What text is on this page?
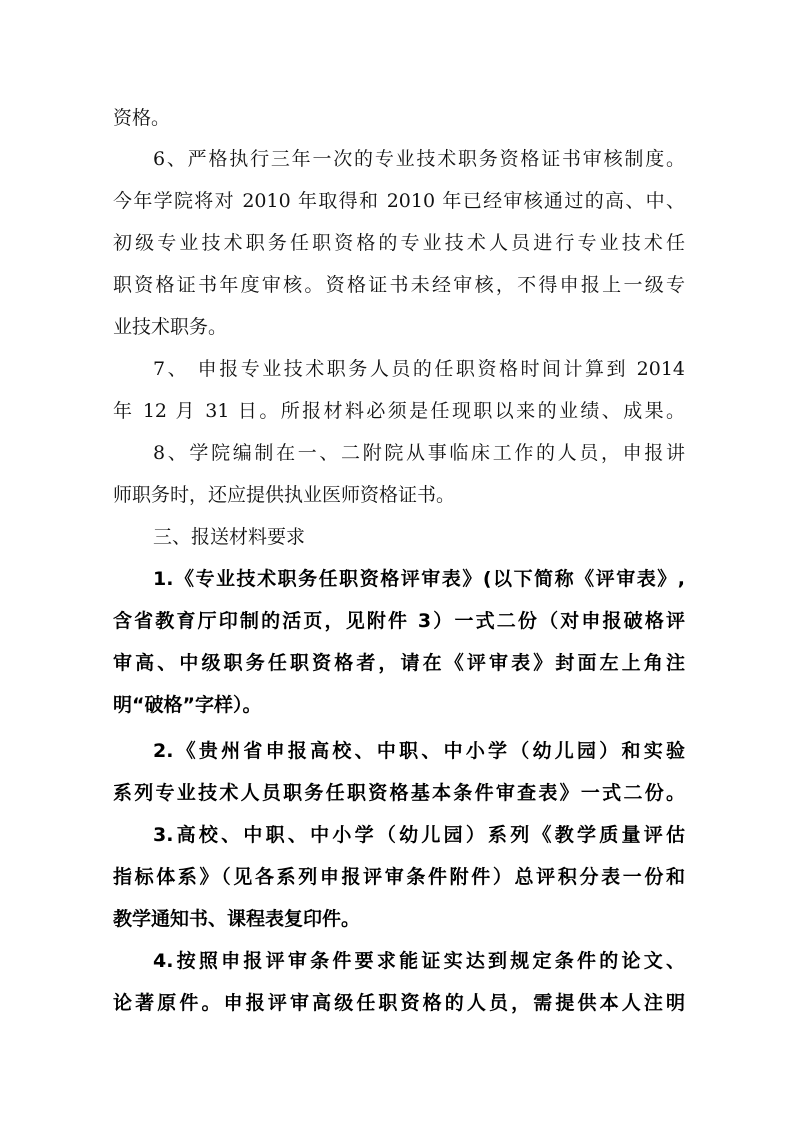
资格。
6、严格执行三年一次的专业技术职务资格证书审核制度。
今年学院将对 2010 年取得和 2010 年已经审核通过的高、中、
初级专业技术职务任职资格的专业技术人员进行专业技术任
职资格证书年度审核。资格证书未经审核，不得申报上一级专
业技术职务。
7、 申报专业技术职务人员的任职资格时间计算到 2014
年 12 月 31 日。所报材料必须是任现职以来的业绩、成果。
8、学院编制在一、二附院从事临床工作的人员，申报讲
师职务时，还应提供执业医师资格证书。
三、报送材料要求
1.《专业技术职务任职资格评审表》(以下简称《评审表》,
含省教育厅印制的活页，见附件 3）一式二份（对申报破格评
审高、中级职务任职资格者，请在《评审表》封面左上角注
明“破格”字样）。
2.《贵州省申报高校、中职、中小学（幼儿园）和实验
系列专业技术人员职务任职资格基本条件审查表》一式二份。
3.高校、中职、中小学（幼儿园）系列《教学质量评估
指标体系》（见各系列申报评审条件附件）总评积分表一份和
教学通知书、课程表复印件。
4.按照申报评审条件要求能证实达到规定条件的论文、
论著原件。申报评审高级任职资格的人员，需提供本人注明
